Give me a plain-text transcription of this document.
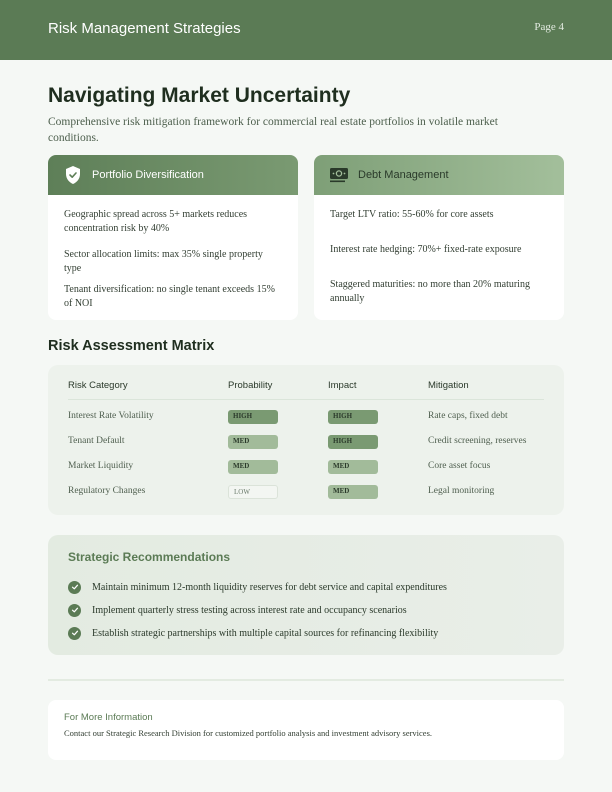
Risk Management Strategies	Page 4
Navigating Market Uncertainty
Comprehensive risk mitigation framework for commercial real estate portfolios in volatile market conditions.
Portfolio Diversification
Geographic spread across 5+ markets reduces concentration risk by 40%
Sector allocation limits: max 35% single property type
Tenant diversification: no single tenant exceeds 15% of NOI
Debt Management
Target LTV ratio: 55-60% for core assets
Interest rate hedging: 70%+ fixed-rate exposure
Staggered maturities: no more than 20% maturing annually
Risk Assessment Matrix
Risk Category	Probability	Impact	Mitigation
Interest Rate Volatility	HIGH	HIGH	Rate caps, fixed debt
Tenant Default	MED	HIGH	Credit screening, reserves
Market Liquidity	MED	MED	Core asset focus
Regulatory Changes	LOW	MED	Legal monitoring
Strategic Recommendations
Maintain minimum 12-month liquidity reserves for debt service and capital expenditures
Implement quarterly stress testing across interest rate and occupancy scenarios
Establish strategic partnerships with multiple capital sources for refinancing flexibility
For More Information
Contact our Strategic Research Division for customized portfolio analysis and investment advisory services.
